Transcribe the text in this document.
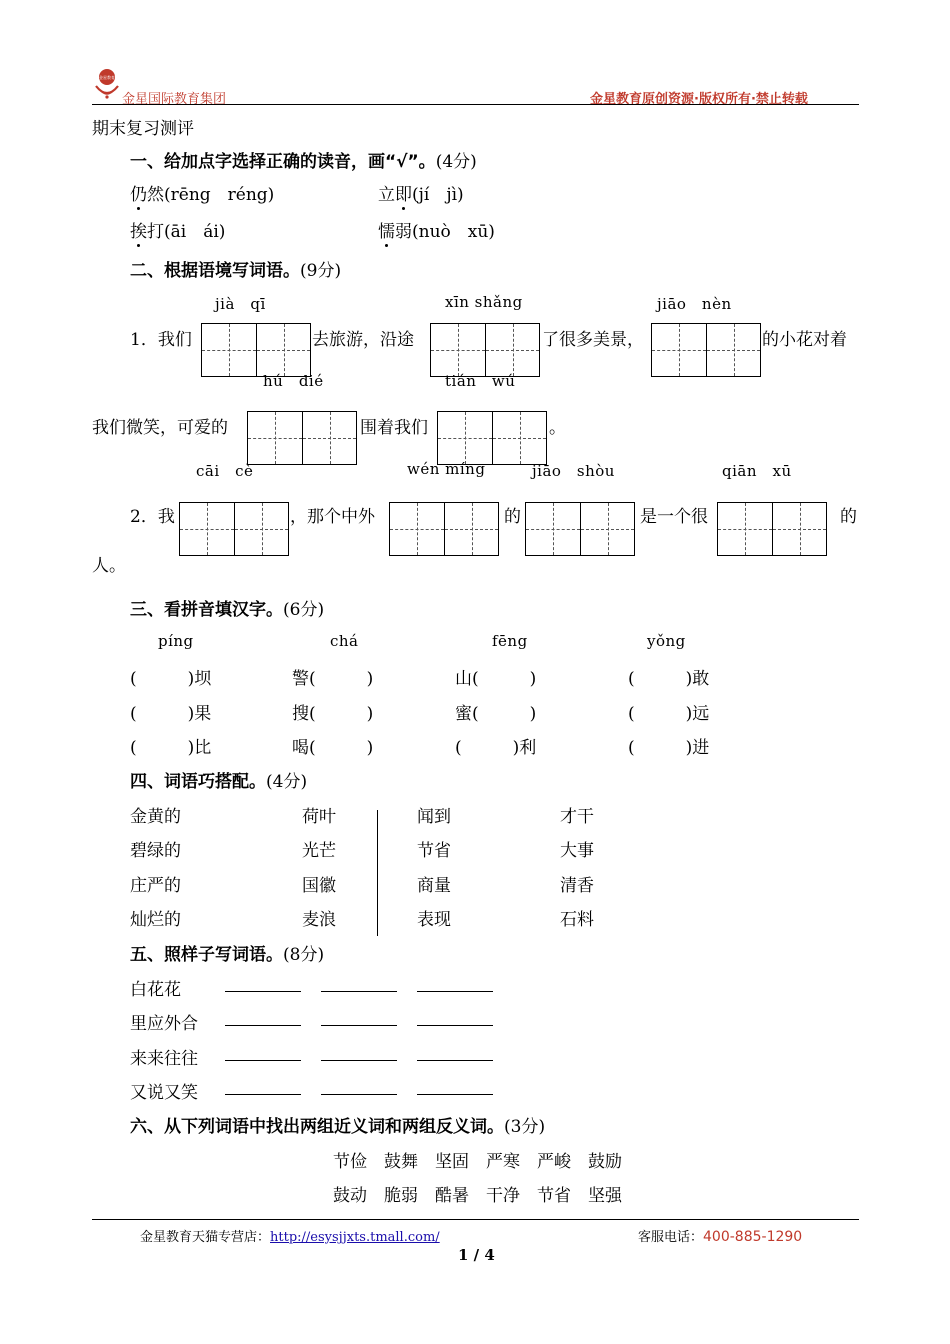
金星教育
金星国际教育集团	金星教育原创资源·版权所有·禁止转载
期末复习测评
一、给加点字选择正确的读音，画“√”。(4分)
仍然(rēng　réng)	立即(jí　jì)
挨打(āi　ái)	懦弱(nuò　xū)
二、根据语境写词语。(9分)
jià　qī	xīn shǎng	jiāo　nèn
1．我们	去旅游，沿途	了很多美景，	的小花对着
hú　dié	tián　wú
我们微笑，可爱的	围着我们	。
cāi　cè	wén míng	jiāo　shòu	qiān　xū
2．我	，那个中外	的	是一个很	的
人。
三、看拼音填汉字。(6分)
píng	chá	fēng	yǒng
(　　　)坝	警(　　　)	山(　　　)	(　　　)敢
(　　　)果	搜(　　　)	蜜(　　　)	(　　　)远
(　　　)比	喝(　　　)	(　　　)利	(　　　)进
四、词语巧搭配。(4分)
金黄的	荷叶	闻到	才干
碧绿的	光芒	节省	大事
庄严的	国徽	商量	清香
灿烂的	麦浪	表现	石料
五、照样子写词语。(8分)
白花花
里应外合
来来往往
又说又笑
六、从下列词语中找出两组近义词和两组反义词。(3分)
节俭　鼓舞　坚固　严寒　严峻　鼓励
鼓动　脆弱　酷暑　干净　节省　坚强
金星教育天猫专营店：http://esysjjxts.tmall.com/	客服电话：400-885-1290
1 / 4
